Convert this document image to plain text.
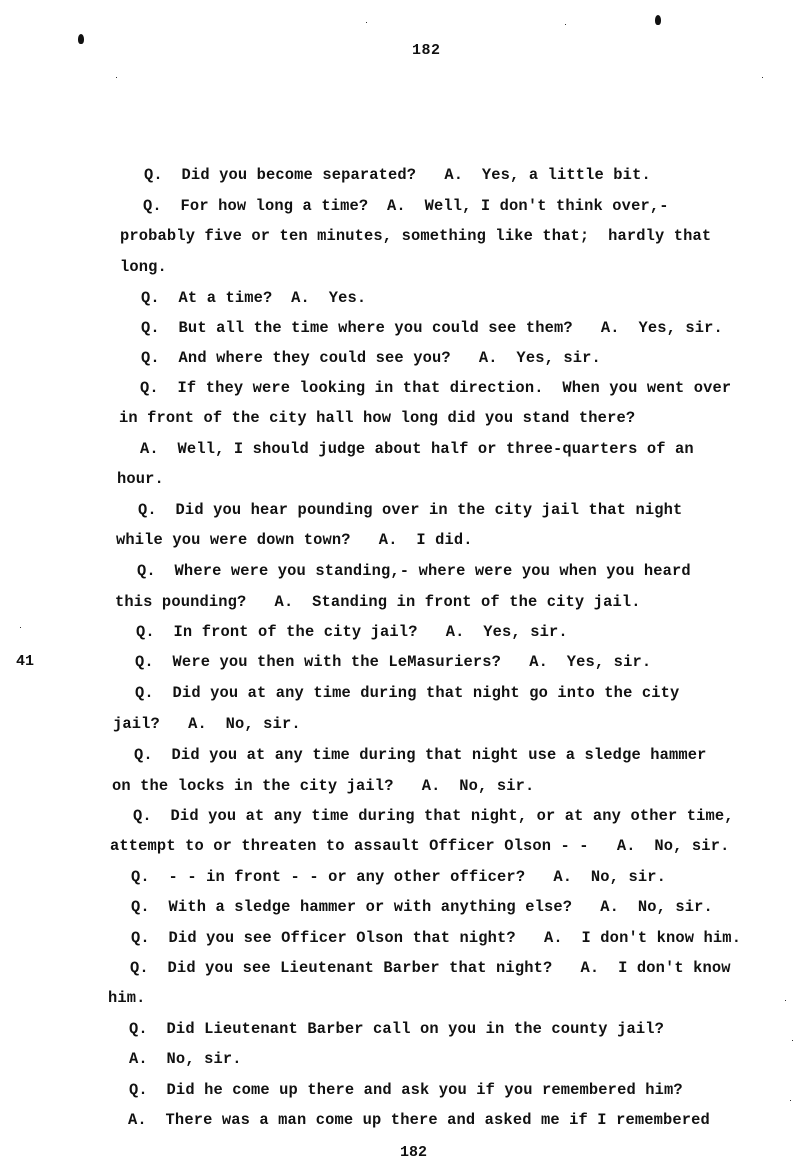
182
41
Q.  Did you become separated?   A.  Yes, a little bit.
Q.  For how long a time?  A.  Well, I don't think over,-
probably five or ten minutes, something like that;  hardly that
long.
Q.  At a time?  A.  Yes.
Q.  But all the time where you could see them?   A.  Yes, sir.
Q.  And where they could see you?   A.  Yes, sir.
Q.  If they were looking in that direction.  When you went over
in front of the city hall how long did you stand there?
A.  Well, I should judge about half or three-quarters of an
hour.
Q.  Did you hear pounding over in the city jail that night
while you were down town?   A.  I did.
Q.  Where were you standing,- where were you when you heard
this pounding?   A.  Standing in front of the city jail.
Q.  In front of the city jail?   A.  Yes, sir.
Q.  Were you then with the LeMasuriers?   A.  Yes, sir.
Q.  Did you at any time during that night go into the city
jail?   A.  No, sir.
Q.  Did you at any time during that night use a sledge hammer
on the locks in the city jail?   A.  No, sir.
Q.  Did you at any time during that night, or at any other time,
attempt to or threaten to assault Officer Olson - -   A.  No, sir.
Q.  - - in front - - or any other officer?   A.  No, sir.
Q.  With a sledge hammer or with anything else?   A.  No, sir.
Q.  Did you see Officer Olson that night?   A.  I don't know him.
Q.  Did you see Lieutenant Barber that night?   A.  I don't know
him.
Q.  Did Lieutenant Barber call on you in the county jail?
A.  No, sir.
Q.  Did he come up there and ask you if you remembered him?
A.  There was a man come up there and asked me if I remembered
182
